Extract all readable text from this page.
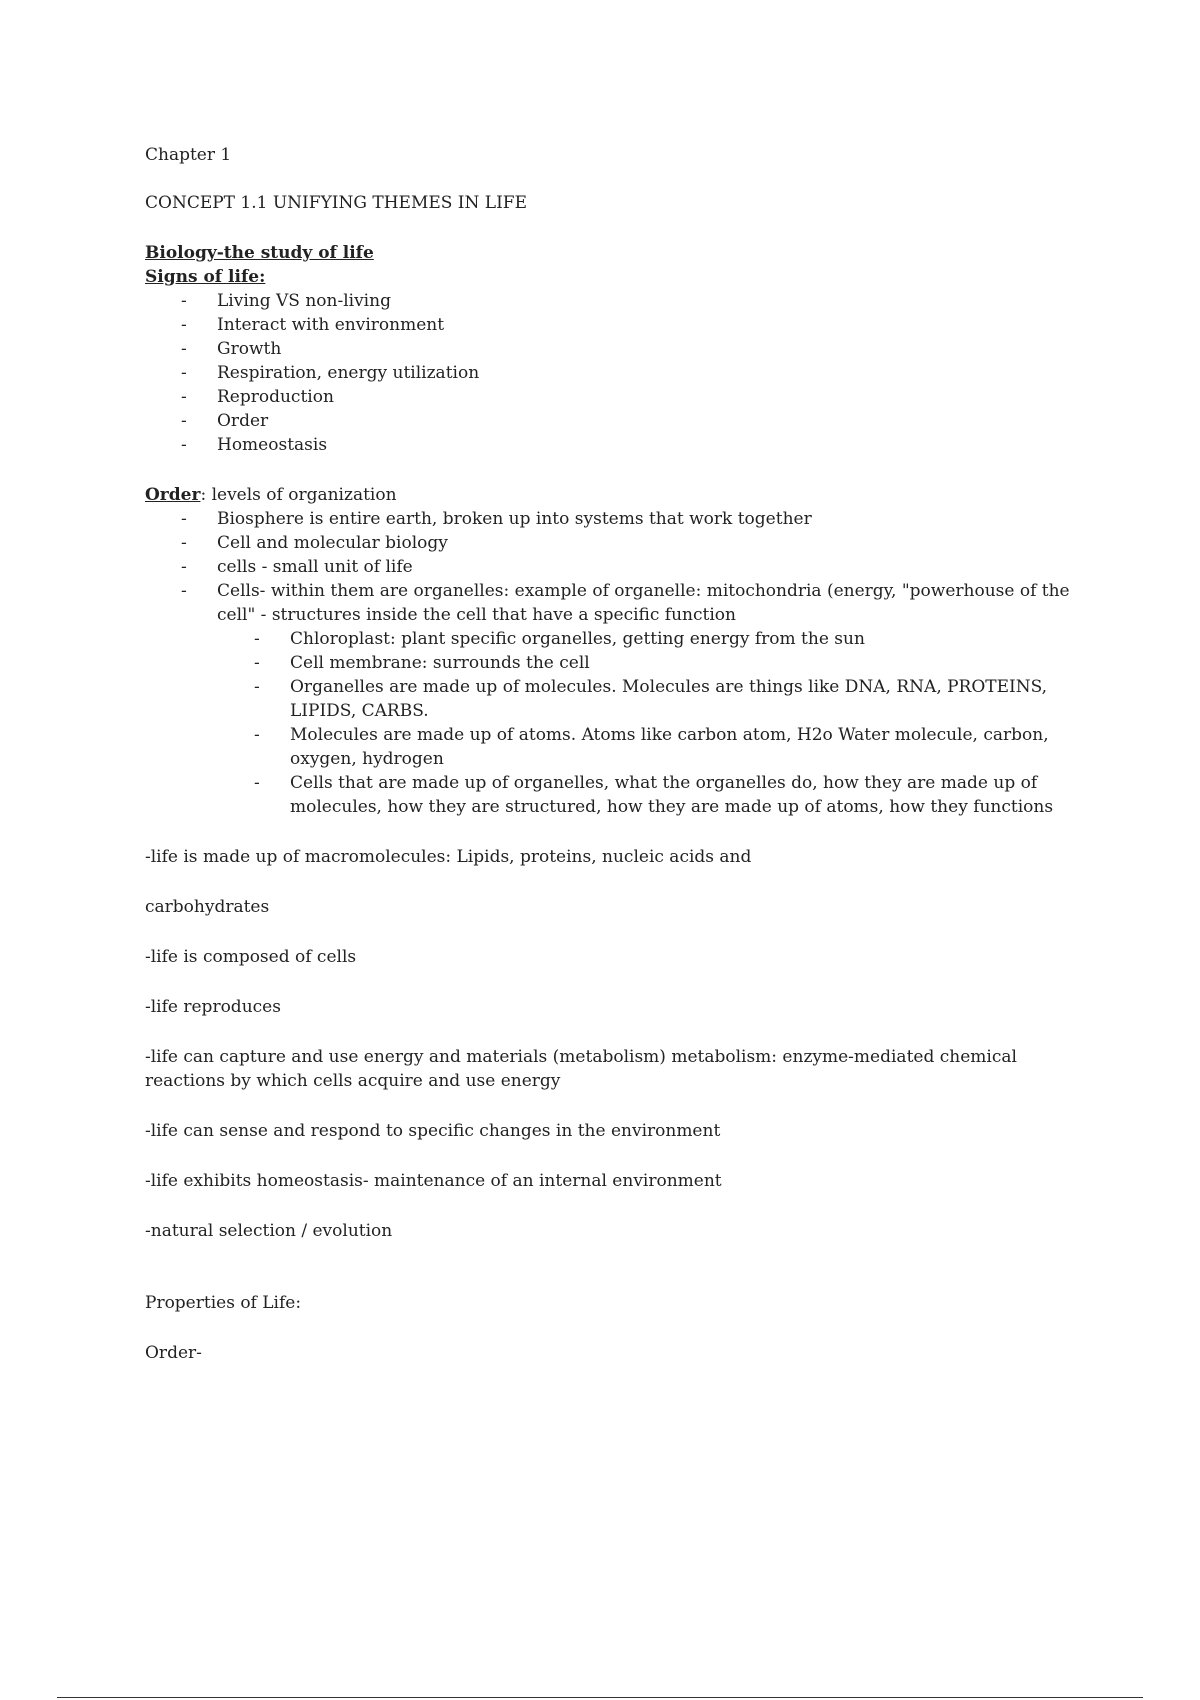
Chapter 1

CONCEPT 1.1 UNIFYING THEMES IN LIFE

Biology-the study of life

Signs of life:

- Living VS non-living
- Interact with environment
- Growth
- Respiration, energy utilization
- Reproduction
- Order
- Homeostasis

Order: levels of organization

- Biosphere is entire earth, broken up into systems that work together
- Cell and molecular biology
- cells - small unit of life
- Cells- within them are organelles: example of organelle: mitochondria (energy, "powerhouse of the cell" - structures inside the cell that have a specific function
- Chloroplast: plant specific organelles, getting energy from the sun
- Cell membrane: surrounds the cell
- Organelles are made up of molecules. Molecules are things like DNA, RNA, PROTEINS, LIPIDS, CARBS.
- Molecules are made up of atoms. Atoms like carbon atom, H2o Water molecule, carbon, oxygen, hydrogen
- Cells that are made up of organelles, what the organelles do, how they are made up of molecules, how they are structured, how they are made up of atoms, how they functions

-life is made up of macromolecules: Lipids, proteins, nucleic acids and

carbohydrates

-life is composed of cells

-life reproduces

-life can capture and use energy and materials (metabolism) metabolism: enzyme-mediated chemical reactions by which cells acquire and use energy

-life can sense and respond to specific changes in the environment

-life exhibits homeostasis- maintenance of an internal environment

-natural selection / evolution

Properties of Life:

Order-
